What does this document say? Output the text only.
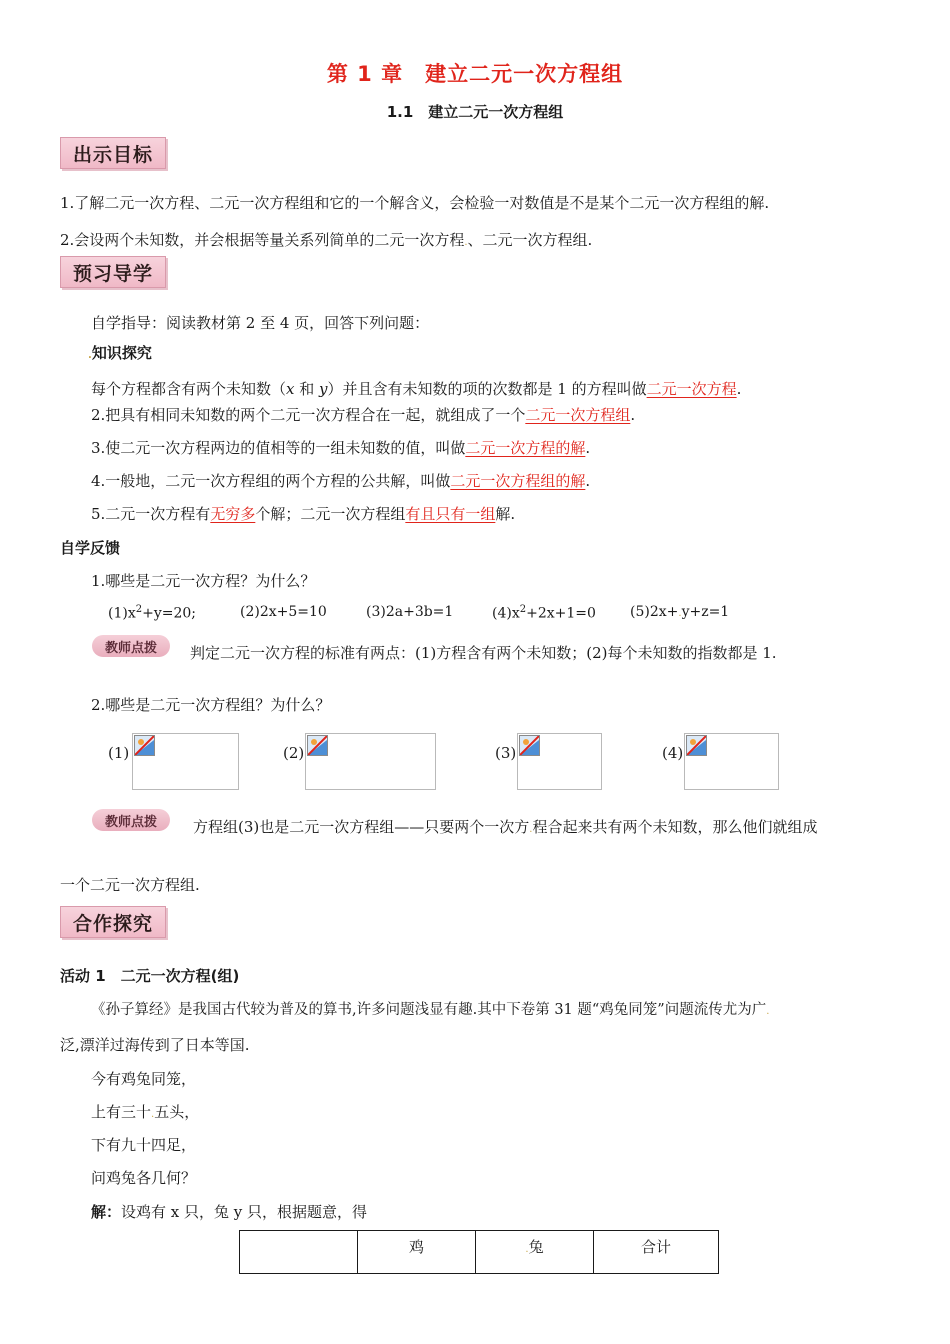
第 1 章　建立二元一次方程组
1.1　建立二元一次方程组
出示目标
1.了解二元一次方程、二元一次方程组和它的一个解含义，会检验一对数值是不是某个二元一次方程组的解.
2.会设两个未知数，并会根据等量关系列简单的二元一次方程.、二元一次方程组.
预习导学
自学指导：阅读教材第 2 至 4 页，回答下列问题：
.知识探究
每个方程都含有两个未知数（x 和 y）并且含有未知数的项的次数都是 1 的方程叫做二元一次方程.
2.把具有相同未知数的两个二元一次方程合在一起，就组成了一个二元一次方程组.
3.使二元一次方程两边的值相等的一组未知数的值，叫做二元一次方程的解.
4.一般地，二元一次方程组的两个方程的公共解，叫做二元一次方程组的解.
5.二元一次方程有无穷多个解；二元一次方程组有且只有一组解.
自学反馈
1.哪些是二元一次方程？为什么？
$(1)x^2+y=20$;	(2)2x+5=10	(3)2a+3b=1	$(4)x^2+2x+1=0$ (5)2x+.y+z=1
教师点拨	判定二元一次方程的标准有两点：(1)方程含有两个未知数；(2)每个未知数的指数都是 1.
2.哪些是二元一次方程组？为什么？
(1)	(2)	(3)	(4)
教师点拨	方程组(3)也是二元一次方程组——只要两个一次方.程合起来共有两个未知数，那么他们就组成
一个二元一次方程组.
合作探究
活动 1　二元一次方程(组)
《孙子算经》是我国古代较为普及的算书,许多问题浅显有趣.其中下卷第 31 题“鸡兔同笼”问题流传尤为广.
泛,漂洋过海传到了日本等国.
今有鸡兔同笼，
上有三十.五头，
下有九十四足，
问鸡兔各几何？
解：设鸡有 x 只，兔 y 只，根据题意，得
	鸡	.兔	合计
